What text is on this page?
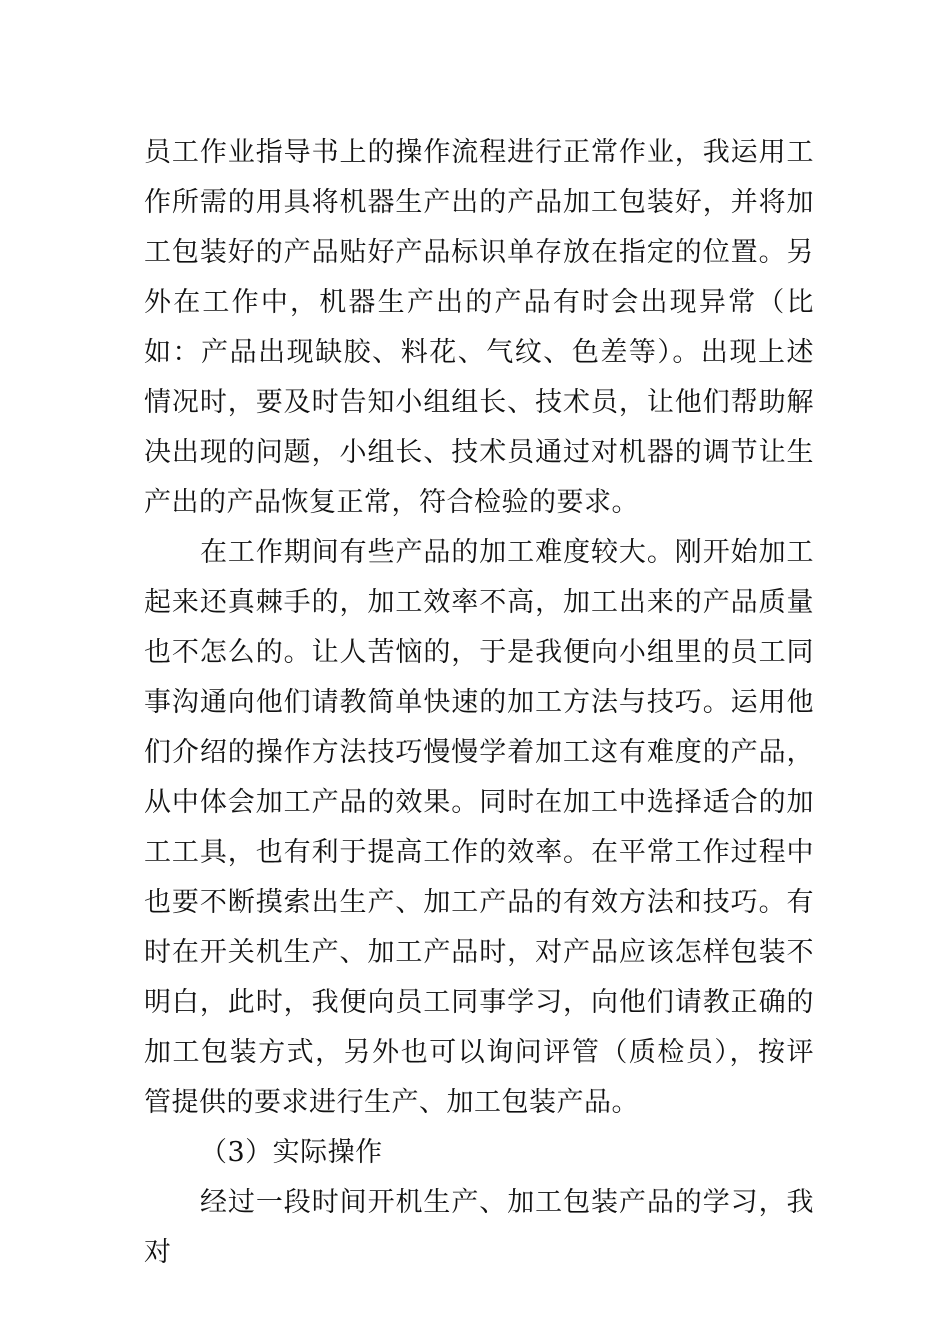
员工作业指导书上的操作流程进行正常作业，我运用工作所需的用具将机器生产出的产品加工包装好，并将加工包装好的产品贴好产品标识单存放在指定的位置。另外在工作中，机器生产出的产品有时会出现异常（比如：产品出现缺胶、料花、气纹、色差等）。出现上述情况时，要及时告知小组组长、技术员，让他们帮助解决出现的问题，小组长、技术员通过对机器的调节让生产出的产品恢复正常，符合检验的要求。

在工作期间有些产品的加工难度较大。刚开始加工起来还真棘手的，加工效率不高，加工出来的产品质量也不怎么的。让人苦恼的，于是我便向小组里的员工同事沟通向他们请教简单快速的加工方法与技巧。运用他们介绍的操作方法技巧慢慢学着加工这有难度的产品，从中体会加工产品的效果。同时在加工中选择适合的加工工具，也有利于提高工作的效率。在平常工作过程中也要不断摸索出生产、加工产品的有效方法和技巧。有时在开关机生产、加工产品时，对产品应该怎样包装不明白，此时，我便向员工同事学习，向他们请教正确的加工包装方式，另外也可以询问评管（质检员），按评管提供的要求进行生产、加工包装产品。

（3）实际操作

经过一段时间开机生产、加工包装产品的学习，我对
